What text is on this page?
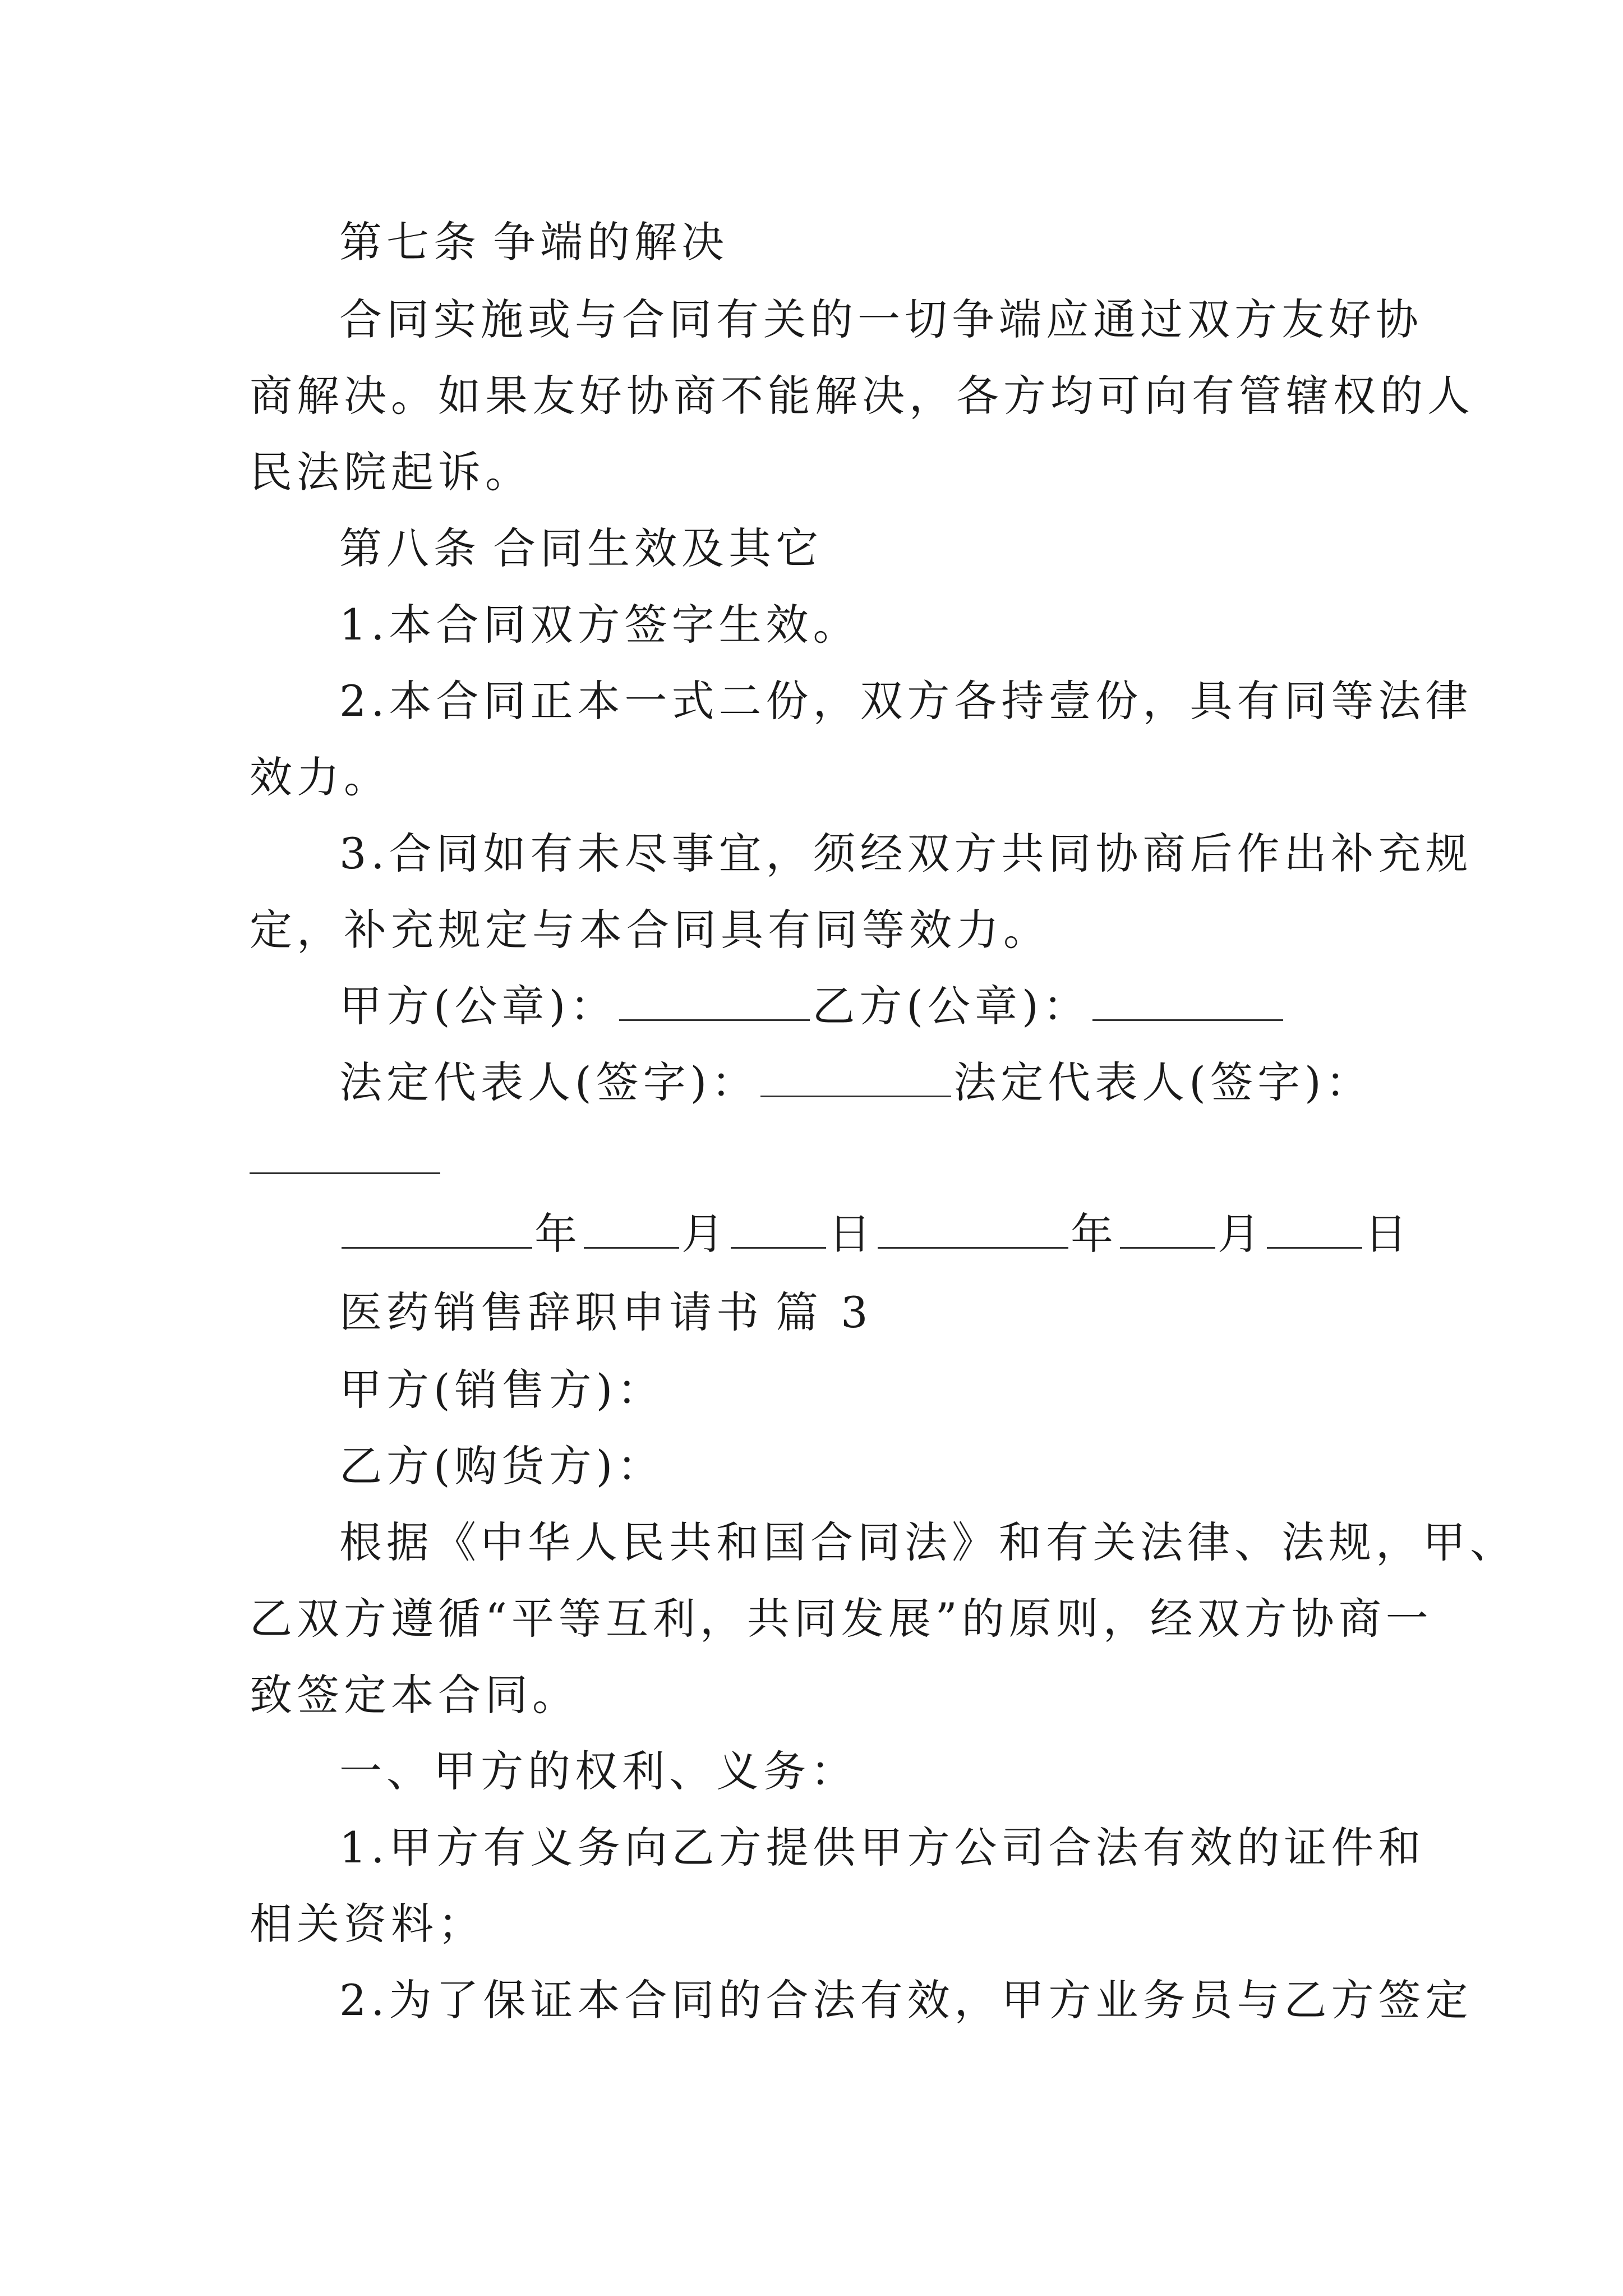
第七条 争端的解决
合同实施或与合同有关的一切争端应通过双方友好协
商解决。如果友好协商不能解决，各方均可向有管辖权的人
民法院起诉。
第八条 合同生效及其它
1.本合同双方签字生效。
2.本合同正本一式二份，双方各持壹份，具有同等法律
效力。
3.合同如有未尽事宜，须经双方共同协商后作出补充规
定，补充规定与本合同具有同等效力。
甲方(公章)：	乙方(公章)：
法定代表人(签字)：	法定代表人(签字)：
年 月 日	年 月 日
医药销售辞职申请书 篇 3
甲方(销售方)：
乙方(购货方)：
根据《中华人民共和国合同法》和有关法律、法规，甲、
乙双方遵循“平等互利，共同发展”的原则，经双方协商一
致签定本合同。
一、甲方的权利、义务：
1.甲方有义务向乙方提供甲方公司合法有效的证件和
相关资料；
2.为了保证本合同的合法有效，甲方业务员与乙方签定
